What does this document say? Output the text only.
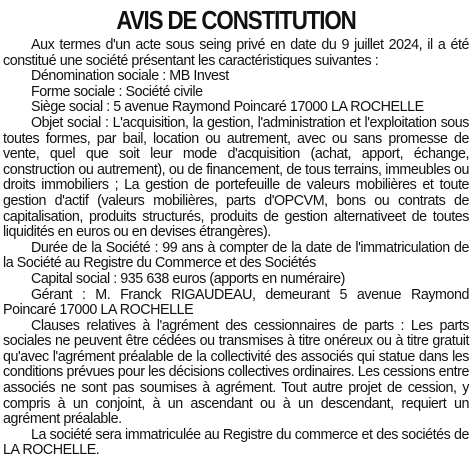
AVIS DE CONSTITUTION

Aux termes d'un acte sous seing privé en date du 9 juillet 2024, il a été constitué une société présentant les caractéristiques suivantes :

Dénomination sociale : MB Invest

Forme sociale : Société civile

Siège social : 5 avenue Raymond Poincaré 17000 LA ROCHELLE

Objet social : L'acquisition, la gestion, l'administration et l'exploitation sous toutes formes, par bail, location ou autrement, avec ou sans promesse de vente, quel que soit leur mode d'acquisition (achat, apport, échange, construction ou autrement), ou de financement, de tous terrains, immeubles ou droits immobiliers ; La gestion de portefeuille de valeurs mobilières et toute gestion d'actif (valeurs mobilières, parts d'OPCVM, bons ou contrats de capitalisation, produits structurés, produits de gestion alternativeet de toutes liquidités en euros ou en devises étrangères).

Durée de la Société : 99 ans à compter de la date de l'immatriculation de la Société au Registre du Commerce et des Sociétés

Capital social : 935 638 euros (apports en numéraire)

Gérant : M. Franck RIGAUDEAU, demeurant 5 avenue Raymond Poincaré 17000 LA ROCHELLE

Clauses relatives à l'agrément des cessionnaires de parts : Les parts sociales ne peuvent être cédées ou transmises à titre onéreux ou à titre gratuit qu'avec l'agrément préalable de la collectivité des associés qui statue dans les conditions prévues pour les décisions collectives ordinaires. Les cessions entre associés ne sont pas soumises à agrément. Tout autre projet de cession, y compris à un conjoint, à un ascendant ou à un descendant, requiert un agrément préalable.

La société sera immatriculée au Registre du commerce et des sociétés de LA ROCHELLE.
